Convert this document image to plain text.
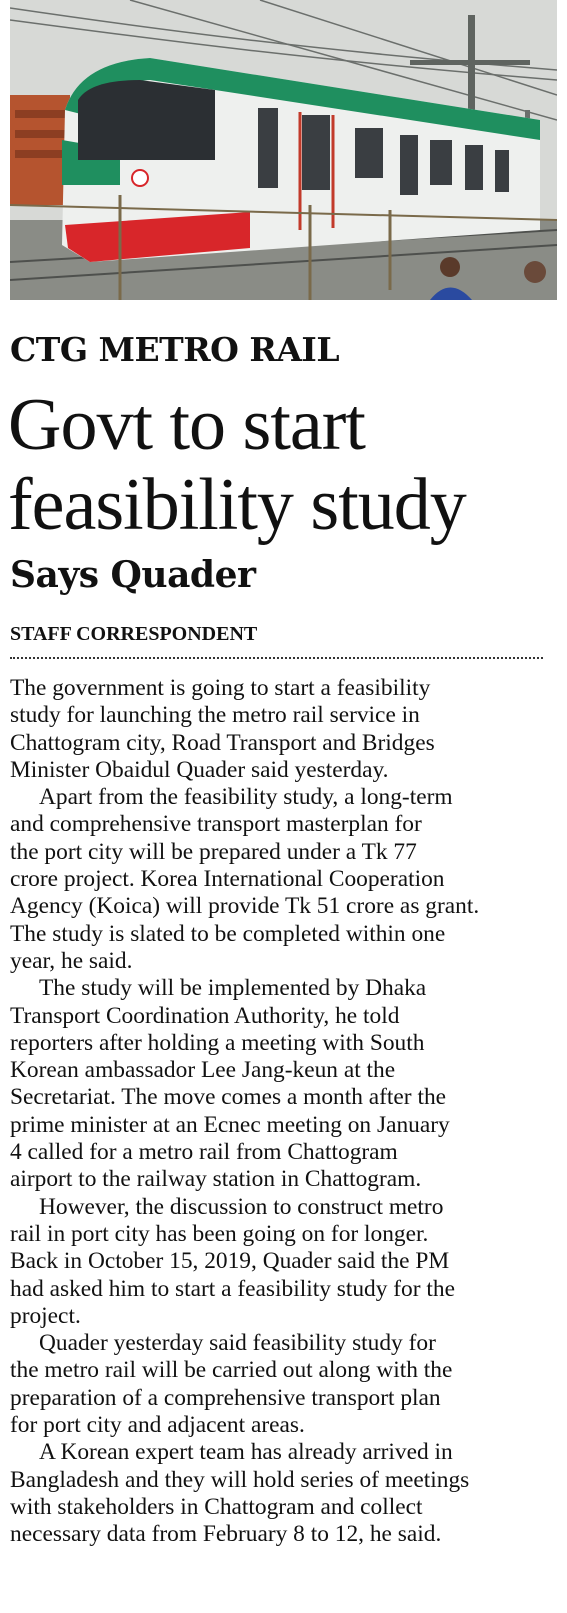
CTG METRO RAIL
Govt to start
feasibility study
Says Quader
STAFF CORRESPONDENT
The government is going to start a feasibility
study for launching the metro rail service in
Chattogram city, Road Transport and Bridges
Minister Obaidul Quader said yesterday.
Apart from the feasibility study, a long-term
and comprehensive transport masterplan for
the port city will be prepared under a Tk 77
crore project. Korea International Cooperation
Agency (Koica) will provide Tk 51 crore as grant.
The study is slated to be completed within one
year, he said.
The study will be implemented by Dhaka
Transport Coordination Authority, he told
reporters after holding a meeting with South
Korean ambassador Lee Jang-keun at the
Secretariat. The move comes a month after the
prime minister at an Ecnec meeting on January
4 called for a metro rail from Chattogram
airport to the railway station in Chattogram.
However, the discussion to construct metro
rail in port city has been going on for longer.
Back in October 15, 2019, Quader said the PM
had asked him to start a feasibility study for the
project.
Quader yesterday said feasibility study for
the metro rail will be carried out along with the
preparation of a comprehensive transport plan
for port city and adjacent areas.
A Korean expert team has already arrived in
Bangladesh and they will hold series of meetings
with stakeholders in Chattogram and collect
necessary data from February 8 to 12, he said.
